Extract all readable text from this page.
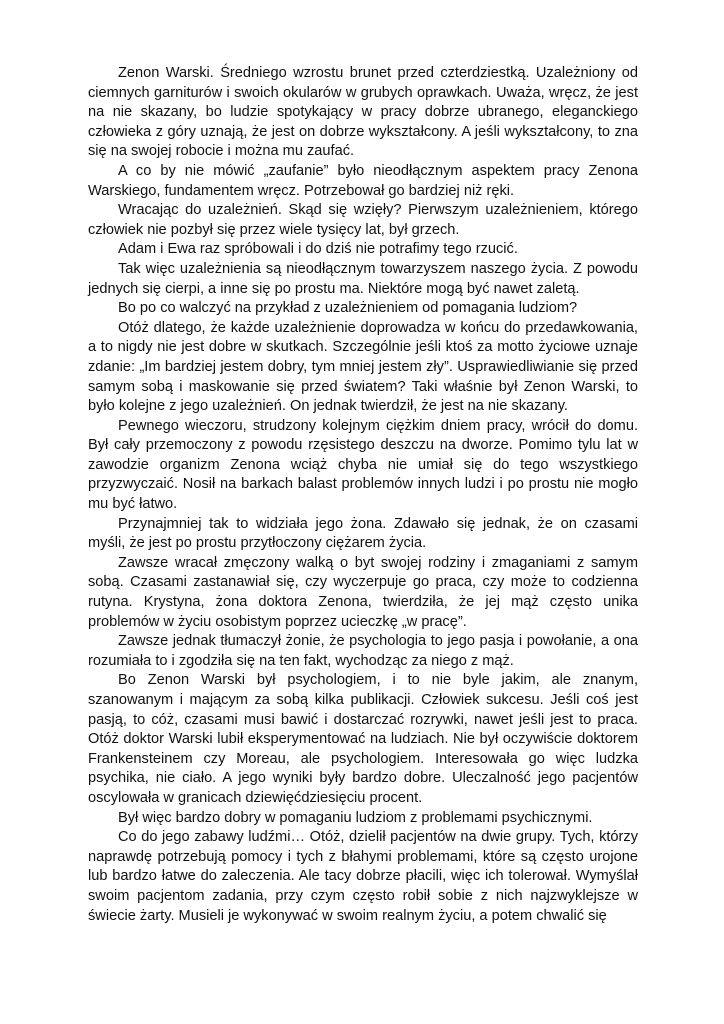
Zenon Warski. Średniego wzrostu brunet przed czterdziestką. Uzależniony od ciemnych garniturów i swoich okularów w grubych oprawkach. Uważa, wręcz, że jest na nie skazany, bo ludzie spotykający w pracy dobrze ubranego, eleganckiego człowieka z góry uznają, że jest on dobrze wykształcony. A jeśli wykształcony, to zna się na swojej robocie i można mu zaufać.

A co by nie mówić „zaufanie” było nieodłącznym aspektem pracy Zenona Warskiego, fundamentem wręcz. Potrzebował go bardziej niż ręki.

Wracając do uzależnień. Skąd się wzięły? Pierwszym uzależnieniem, którego człowiek nie pozbył się przez wiele tysięcy lat, był grzech.

Adam i Ewa raz spróbowali i do dziś nie potrafimy tego rzucić.

Tak więc uzależnienia są nieodłącznym towarzyszem naszego życia. Z powodu jednych się cierpi, a inne się po prostu ma. Niektóre mogą być nawet zaletą.

Bo po co walczyć na przykład z uzależnieniem od pomagania ludziom?

Otóż dlatego, że każde uzależnienie doprowadza w końcu do przedawkowania, a to nigdy nie jest dobre w skutkach. Szczególnie jeśli ktoś za motto życiowe uznaje zdanie: „Im bardziej jestem dobry, tym mniej jestem zły”. Usprawiedliwianie się przed samym sobą i maskowanie się przed światem? Taki właśnie był Zenon Warski, to było kolejne z jego uzależnień. On jednak twierdził, że jest na nie skazany.

Pewnego wieczoru, strudzony kolejnym ciężkim dniem pracy, wrócił do domu. Był cały przemoczony z powodu rzęsistego deszczu na dworze. Pomimo tylu lat w zawodzie organizm Zenona wciąż chyba nie umiał się do tego wszystkiego przyzwyczaić. Nosił na barkach balast problemów innych ludzi i po prostu nie mogło mu być łatwo.

Przynajmniej tak to widziała jego żona. Zdawało się jednak, że on czasami myśli, że jest po prostu przytłoczony ciężarem życia.

Zawsze wracał zmęczony walką o byt swojej rodziny i zmaganiami z samym sobą. Czasami zastanawiał się, czy wyczerpuje go praca, czy może to codzienna rutyna. Krystyna, żona doktora Zenona, twierdziła, że jej mąż często unika problemów w życiu osobistym poprzez ucieczkę „w pracę”.

Zawsze jednak tłumaczył żonie, że psychologia to jego pasja i powołanie, a ona rozumiała to i zgodziła się na ten fakt, wychodząc za niego z mąż.

Bo Zenon Warski był psychologiem, i to nie byle jakim, ale znanym, szanowanym i mającym za sobą kilka publikacji. Człowiek sukcesu. Jeśli coś jest pasją, to cóż, czasami musi bawić i dostarczać rozrywki, nawet jeśli jest to praca. Otóż doktor Warski lubił eksperymentować na ludziach. Nie był oczywiście doktorem Frankensteinem czy Moreau, ale psychologiem. Interesowała go więc ludzka psychika, nie ciało. A jego wyniki były bardzo dobre. Uleczalność jego pacjentów oscylowała w granicach dziewięćdziesięciu procent.

Był więc bardzo dobry w pomaganiu ludziom z problemami psychicznymi.

Co do jego zabawy ludźmi… Otóż, dzielił pacjentów na dwie grupy. Tych, którzy naprawdę potrzebują pomocy i tych z błahymi problemami, które są często urojone lub bardzo łatwe do zaleczenia. Ale tacy dobrze płacili, więc ich tolerował. Wymyślał swoim pacjentom zadania, przy czym często robił sobie z nich najzwyklejsze w świecie żarty. Musieli je wykonywać w swoim realnym życiu, a potem chwalić się
